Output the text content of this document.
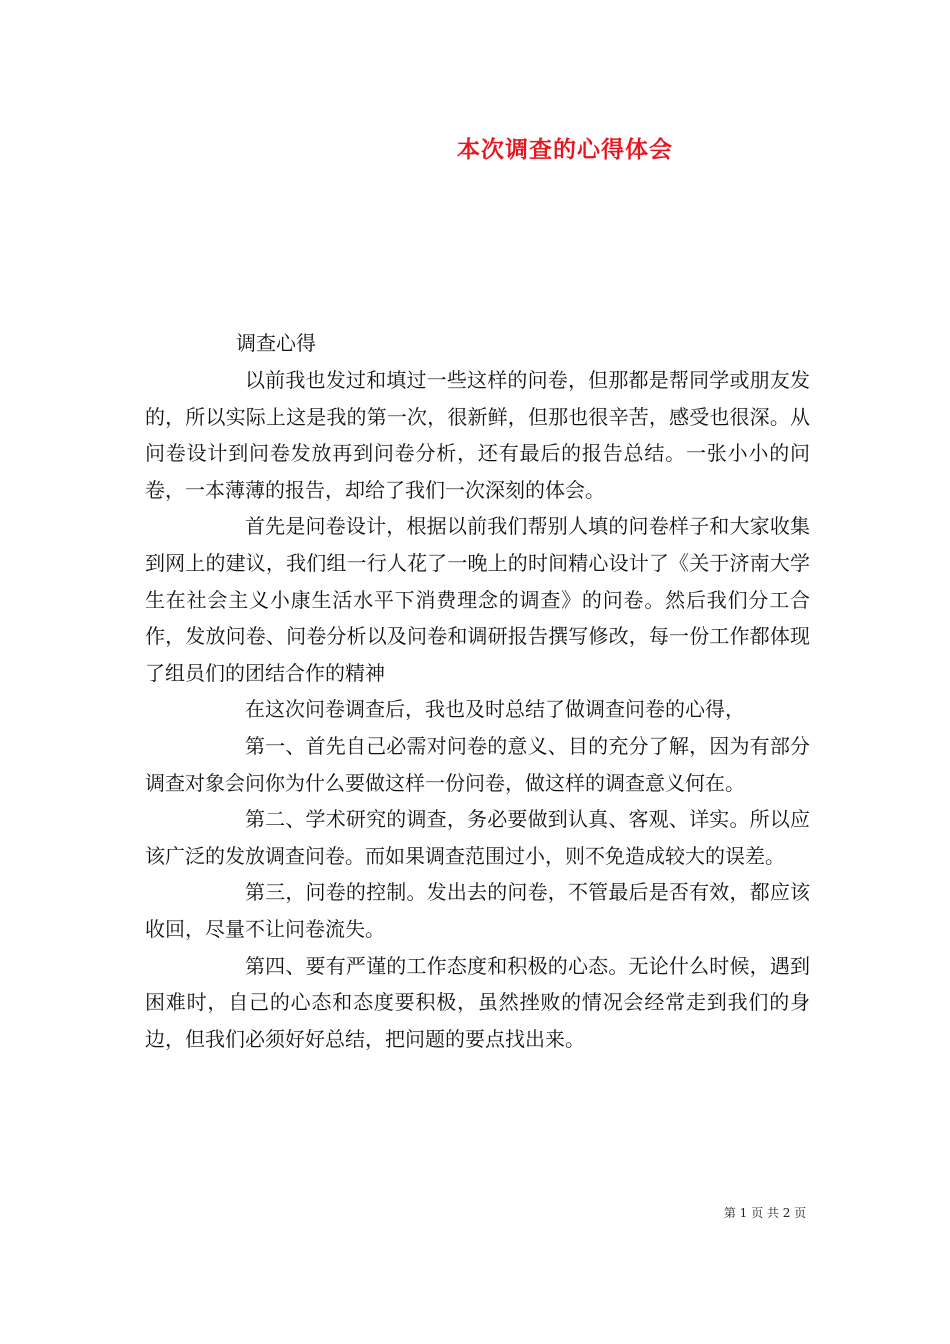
本次调查的心得体会
调查心得

以前我也发过和填过一些这样的问卷，但那都是帮同学或朋友发的，所以实际上这是我的第一次，很新鲜，但那也很辛苦，感受也很深。从问卷设计到问卷发放再到问卷分析，还有最后的报告总结。一张小小的问卷，一本薄薄的报告，却给了我们一次深刻的体会。

首先是问卷设计，根据以前我们帮别人填的问卷样子和大家收集到网上的建议，我们组一行人花了一晚上的时间精心设计了《关于济南大学生在社会主义小康生活水平下消费理念的调查》的问卷。然后我们分工合作，发放问卷、问卷分析以及问卷和调研报告撰写修改，每一份工作都体现了组员们的团结合作的精神

在这次问卷调查后，我也及时总结了做调查问卷的心得，

第一、首先自己必需对问卷的意义、目的充分了解，因为有部分调查对象会问你为什么要做这样一份问卷，做这样的调查意义何在。

第二、学术研究的调查，务必要做到认真、客观、详实。所以应该广泛的发放调查问卷。而如果调查范围过小，则不免造成较大的误差。

第三，问卷的控制。发出去的问卷，不管最后是否有效，都应该收回，尽量不让问卷流失。

第四、要有严谨的工作态度和积极的心态。无论什么时候，遇到困难时，自己的心态和态度要积极，虽然挫败的情况会经常走到我们的身边，但我们必须好好总结，把问题的要点找出来。

第 1 页 共 2 页
